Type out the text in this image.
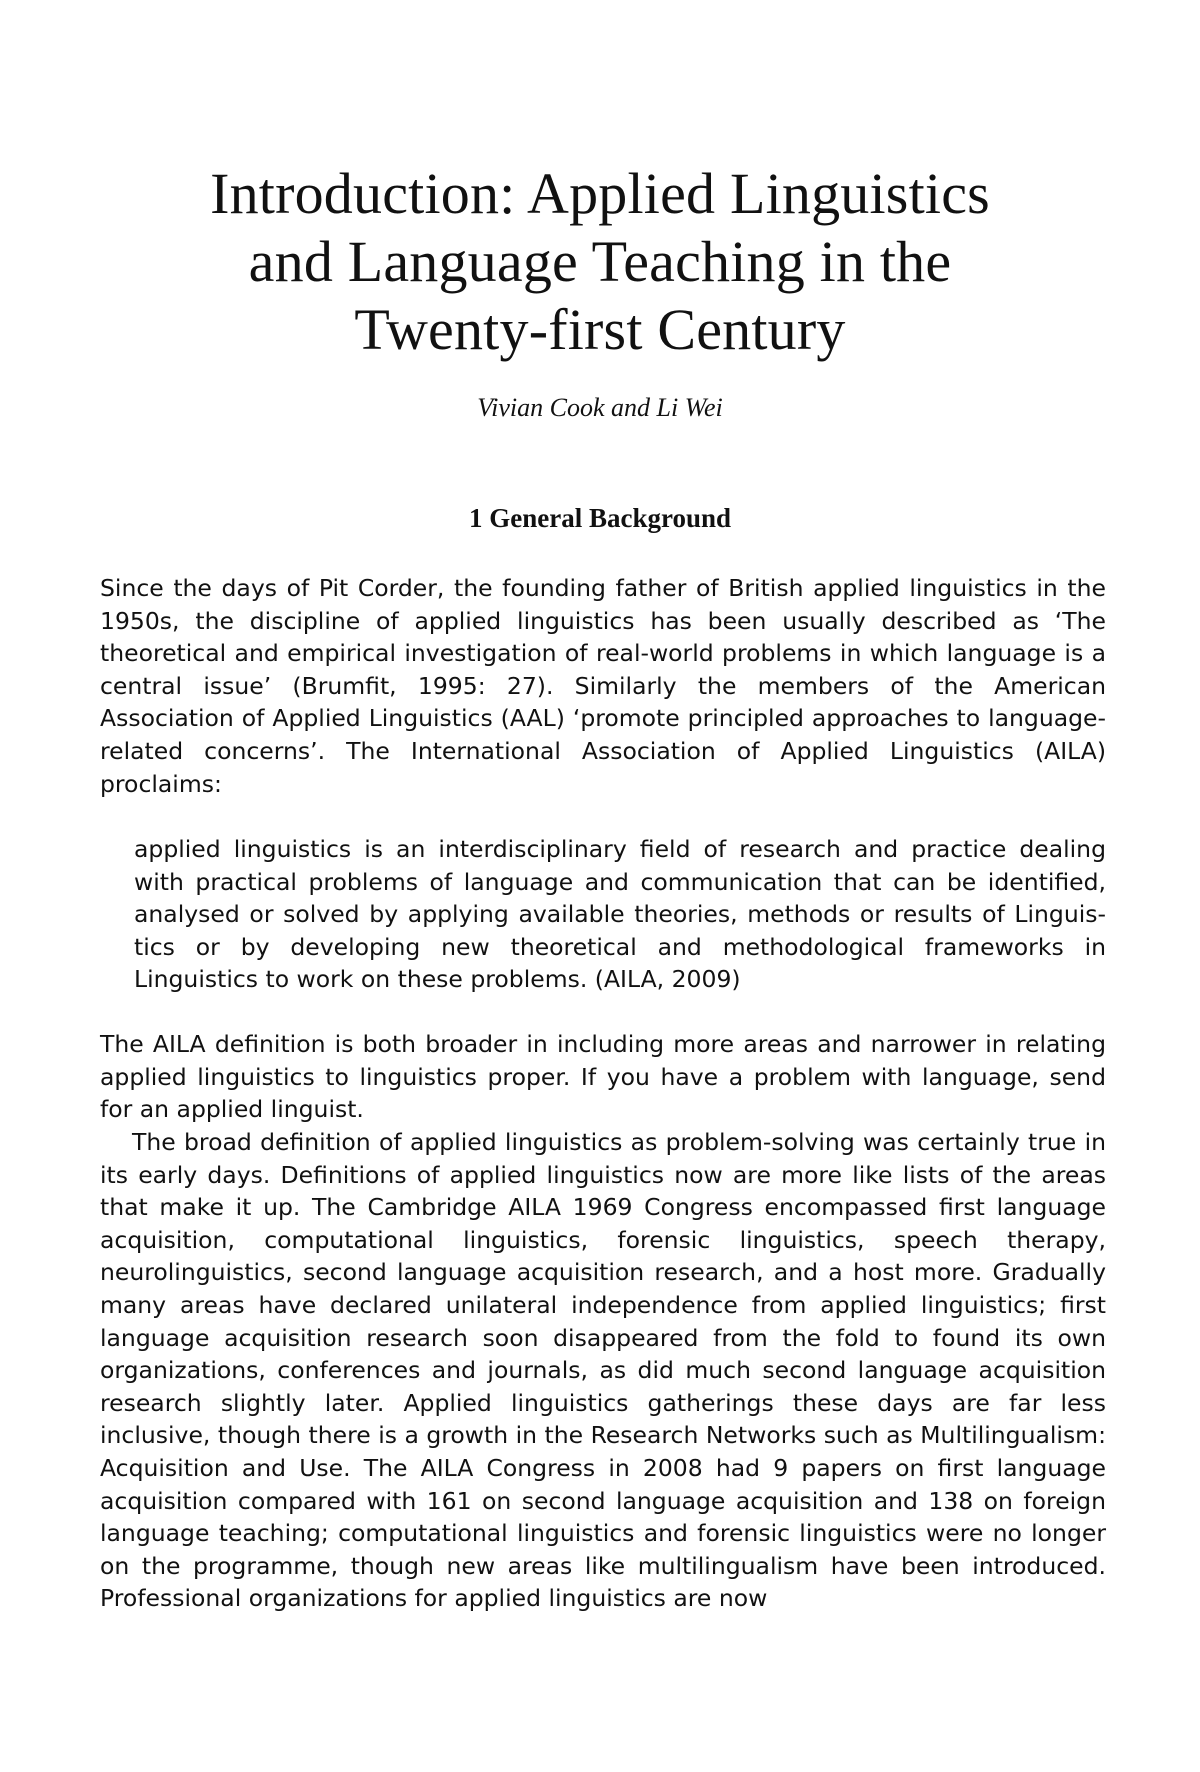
Introduction: Applied Linguistics
and Language Teaching in the
Twenty-first Century

Vivian Cook and Li Wei

1 General Background

Since the days of Pit Corder, the founding father of British applied linguistics in the 1950s, the discipline of applied linguistics has been usually described as ‘The theoretical and empirical investigation of real-world problems in which language is a central issue’ (Brumfit, 1995: 27). Similarly the members of the American Association of Applied Linguistics (AAL) ‘promote principled approaches to language-related concerns’. The International Association of Applied Linguistics (AILA) proclaims:

applied linguistics is an interdisciplinary field of research and practice dealing with practical problems of language and communication that can be identified, analysed or solved by applying available theories, methods or results of Linguistics or by developing new theoretical and methodological frameworks in Linguistics to work on these problems. (AILA, 2009)

The AILA definition is both broader in including more areas and narrower in relating applied linguistics to linguistics proper. If you have a problem with language, send for an applied linguist.

The broad definition of applied linguistics as problem-solving was certainly true in its early days. Definitions of applied linguistics now are more like lists of the areas that make it up. The Cambridge AILA 1969 Congress encompassed first language acquisition, computational linguistics, forensic linguistics, speech therapy, neurolinguistics, second language acquisition research, and a host more. Gradually many areas have declared unilateral independence from applied linguistics; first language acquisition research soon disappeared from the fold to found its own organizations, conferences and journals, as did much second language acquisition research slightly later. Applied linguistics gatherings these days are far less inclusive, though there is a growth in the Research Networks such as Multilingualism: Acquisition and Use. The AILA Congress in 2008 had 9 papers on first language acquisition compared with 161 on second language acquisition and 138 on foreign language teaching; computational linguistics and forensic linguistics were no longer on the programme, though new areas like multilingualism have been introduced. Professional organizations for applied linguistics are now
